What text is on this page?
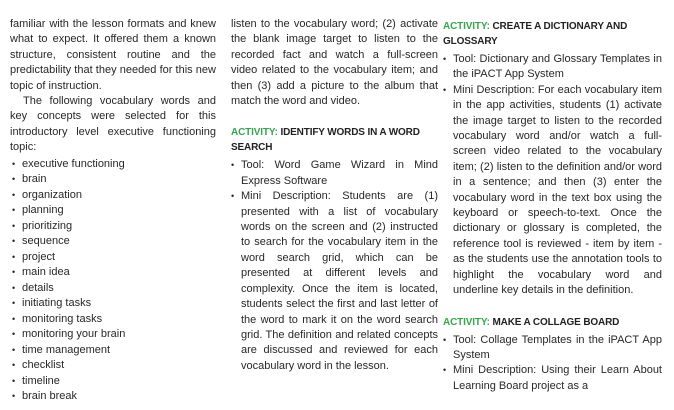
familiar with the lesson formats and knew what to expect. It offered them a known structure, consistent routine and the predictability that they needed for this new topic of instruction.

The following vocabulary words and key concepts were selected for this introductory level executive functioning topic:

• executive functioning
• brain
• organization
• planning
• prioritizing
• sequence
• project
• main idea
• details
• initiating tasks
• monitoring tasks
• monitoring your brain
• time management
• checklist
• timeline
• brain break

listen to the vocabulary word; (2) activate the blank image target to listen to the recorded fact and watch a full-screen video related to the vocabulary item; and then (3) add a picture to the album that match the word and video.

ACTIVITY: IDENTIFY WORDS IN A WORD SEARCH
• Tool: Word Game Wizard in Mind Express Software
• Mini Description: Students are (1) presented with a list of vocabulary words on the screen and (2) instructed to search for the vocabulary item in the word search grid, which can be presented at different levels and complexity. Once the item is located, students select the first and last letter of the word to mark it on the word search grid. The definition and related concepts are discussed and reviewed for each vocabulary word in the lesson.
ACTIVITY: CREATE A DICTIONARY AND GLOSSARY
• Tool: Dictionary and Glossary Templates in the iPACT App System
• Mini Description: For each vocabulary item in the app activities, students (1) activate the image target to listen to the recorded vocabulary word and/or watch a full-screen video related to the vocabulary item; (2) listen to the definition and/or word in a sentence; and then (3) enter the vocabulary word in the text box using the keyboard or speech-to-text. Once the dictionary or glossary is completed, the reference tool is reviewed - item by item - as the students use the annotation tools to highlight the vocabulary word and underline key details in the definition.
ACTIVITY: MAKE A COLLAGE BOARD
• Tool: Collage Templates in the iPACT App System
• Mini Description: Using their Learn About Learning Board project as a
